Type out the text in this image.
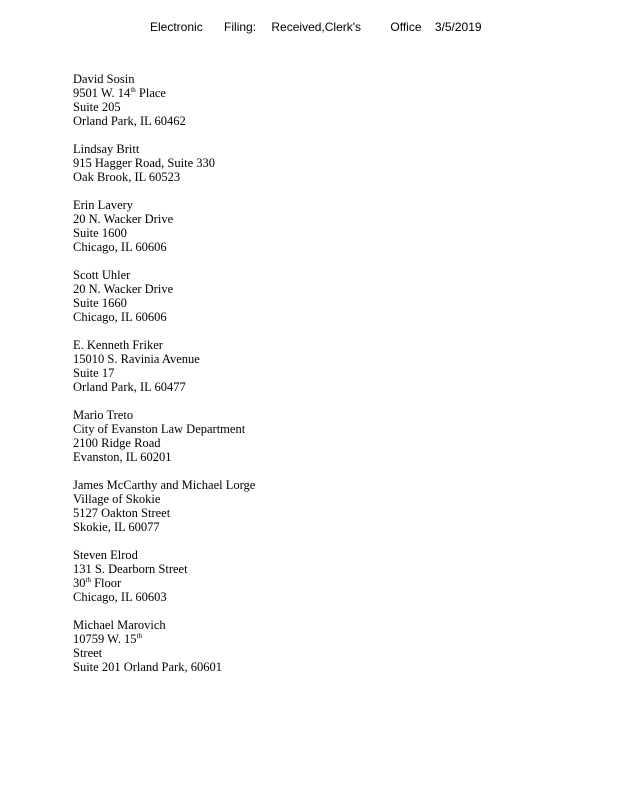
Electronic Filing: Received,Clerk's Office 3/5/2019
David Sosin
9501 W. 14th Place
Suite 205
Orland Park, IL 60462
Lindsay Britt
915 Hagger Road, Suite 330
Oak Brook, IL 60523
Erin Lavery
20 N. Wacker Drive
Suite 1600
Chicago, IL 60606
Scott Uhler
20 N. Wacker Drive
Suite 1660
Chicago, IL 60606
E. Kenneth Friker
15010 S. Ravinia Avenue
Suite 17
Orland Park, IL 60477
Mario Treto
City of Evanston Law Department
2100 Ridge Road
Evanston, IL 60201
James McCarthy and Michael Lorge
Village of Skokie
5127 Oakton Street
Skokie, IL 60077
Steven Elrod
131 S. Dearborn Street
30th Floor
Chicago, IL 60603
Michael Marovich
10759 W. 15th
Street
Suite 201 Orland Park, 60601
